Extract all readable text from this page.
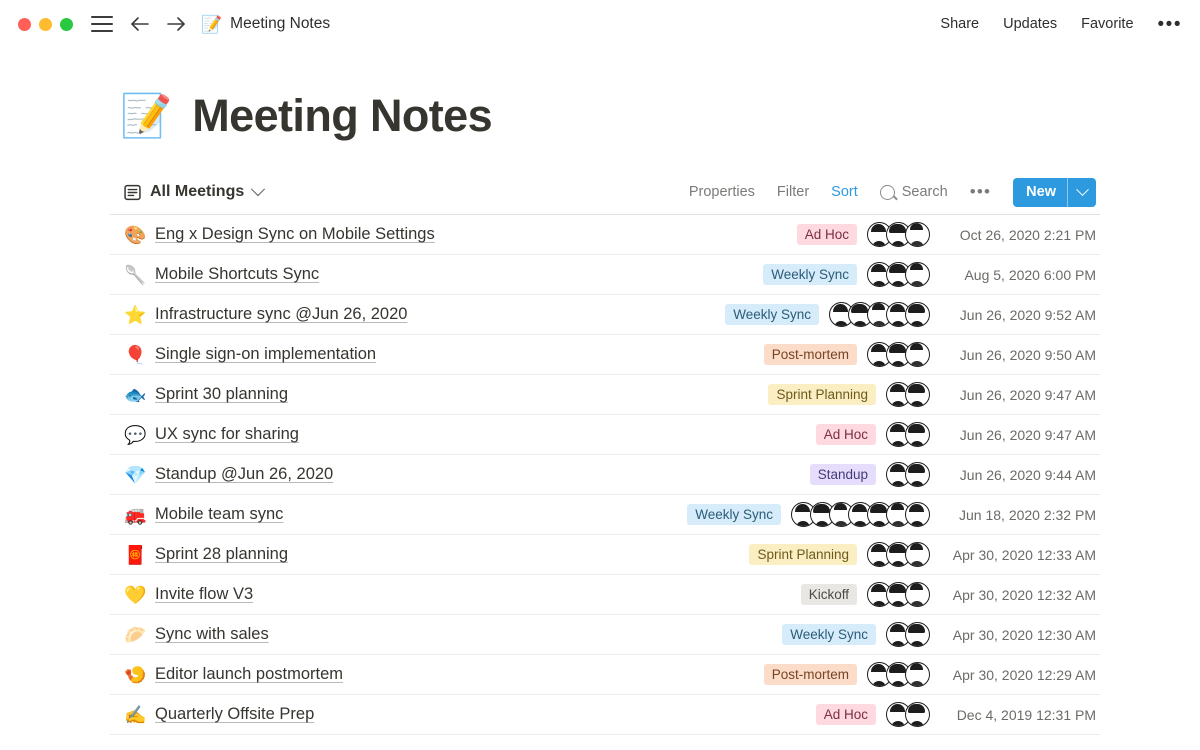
📝 Meeting Notes	Share Updates Favorite •••
📝 Meeting Notes
All Meetings	Properties Filter Sort	Search •••	New
🎨 Eng x Design Sync on Mobile Settings	Ad Hoc	Oct 26, 2020 2:21 PM
🥄 Mobile Shortcuts Sync	Weekly Sync	Aug 5, 2020 6:00 PM
⭐ Infrastructure sync @Jun 26, 2020	Weekly Sync	Jun 26, 2020 9:52 AM
🎈 Single sign-on implementation	Post-mortem	Jun 26, 2020 9:50 AM
🐟 Sprint 30 planning	Sprint Planning	Jun 26, 2020 9:47 AM
💬 UX sync for sharing	Ad Hoc	Jun 26, 2020 9:47 AM
💎 Standup @Jun 26, 2020	Standup	Jun 26, 2020 9:44 AM
🚒 Mobile team sync	Weekly Sync	Jun 18, 2020 2:32 PM
🧧 Sprint 28 planning	Sprint Planning	Apr 30, 2020 12:33 AM
💛 Invite flow V3	Kickoff	Apr 30, 2020 12:32 AM
🥟 Sync with sales	Weekly Sync	Apr 30, 2020 12:30 AM
🍤 Editor launch postmortem	Post-mortem	Apr 30, 2020 12:29 AM
✍️ Quarterly Offsite Prep	Ad Hoc	Dec 4, 2019 12:31 PM
